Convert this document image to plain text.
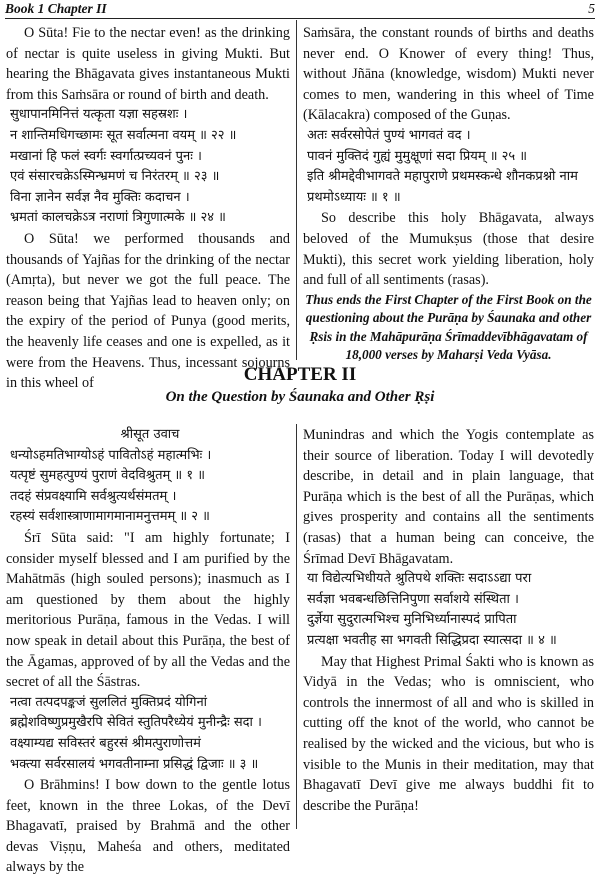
Book 1 Chapter II	5

O Sūta! Fie to the nectar even! as the drinking of nectar is quite useless in giving Mukti. But hearing the Bhāgavata gives instantaneous Mukti from this Saṁsāra or round of birth and death.

सुधापानमिनित्तं यत्कृता यज्ञा सहस्रशः ।

न शान्तिमधिगच्छामः सूत सर्वात्मना वयम् ॥ २२ ॥

मखानां हि फलं स्वर्गः स्वर्गात्प्रच्यवनं पुनः ।

एवं संसारचक्रेऽस्मिन्भ्रमणं च निरंतरम् ॥ २३ ॥

विना ज्ञानेन सर्वज्ञ नैव मुक्तिः कदाचन ।

भ्रमतां कालचक्रेऽत्र नराणां त्रिगुणात्मके ॥ २४ ॥

O Sūta! we performed thousands and thousands of Yajñas for the drinking of the nectar (Amṛta), but never we got the full peace. The reason being that Yajñas lead to heaven only; on the expiry of the period of Punya (good merits, the heavenly life ceases and one is expelled, as it were from the Heavens. Thus, incessant sojourns in this wheel of

Saṁsāra, the constant rounds of births and deaths never end. O Knower of every thing! Thus, without Jñāna (knowledge, wisdom) Mukti never comes to men, wandering in this wheel of Time (Kālacakra) composed of the Guṇas.

अतः सर्वरसोपेतं पुण्यं भागवतं वद ।

पावनं मुक्तिदं गुह्यं मुमुक्षूणां सदा प्रियम् ॥ २५ ॥

इति श्रीमद्देवीभागवते महापुराणे प्रथमस्कन्धे शौनकप्रश्नो नाम प्रथमोऽध्यायः ॥ १ ॥

So describe this holy Bhāgavata, always beloved of the Mumukṣus (those that desire Mukti), this secret work yielding liberation, holy and full of all sentiments (rasas).

Thus ends the First Chapter of the First Book on the questioning about the Purāṇa by Śaunaka and other Ṛsis in the Mahāpurāṇa Śrīmaddevībhāgavatam of 18,000 verses by Maharṣi Veda Vyāsa.

CHAPTER II
On the Question by Śaunaka and Other Ṛṣi

श्रीसूत उवाच

धन्योऽहमतिभाग्योऽहं पावितोऽहं महात्मभिः ।

यत्पृष्टं सुमहत्पुण्यं पुराणं वेदविश्रुतम् ॥ १ ॥

तदहं संप्रवक्ष्यामि सर्वश्रुत्यर्थसंमतम् ।

रहस्यं सर्वशास्त्राणामागमानामनुत्तमम् ॥ २ ॥

Śrī Sūta said: "I am highly fortunate; I consider myself blessed and I am purified by the Mahātmās (high souled persons); inasmuch as I am questioned by them about the highly meritorious Purāṇa, famous in the Vedas. I will now speak in detail about this Purāṇa, the best of the Āgamas, approved of by all the Vedas and the secret of all the Śāstras.

नत्वा तत्पदपङ्कजं सुललितं मुक्तिप्रदं योगिनां

ब्रह्मेशविष्णुप्रमुखैरपि सेवितं स्तुतिपरैध्येयं मुनीन्द्रैः सदा ।

वक्ष्याम्यद्य सविस्तरं बहुरसं श्रीमत्पुराणोत्तमं

भक्त्या सर्वरसालयं भगवतीनाम्ना प्रसिद्धं द्विजाः ॥ ३ ॥

O Brāhmins! I bow down to the gentle lotus feet, known in the three Lokas, of the Devī Bhagavatī, praised by Brahmā and the other devas Viṣṇu, Maheśa and others, meditated always by the

Munindras and which the Yogis contemplate as their source of liberation. Today I will devotedly describe, in detail and in plain language, that Purāṇa which is the best of all the Purāṇas, which gives prosperity and contains all the sentiments (rasas) that a human being can conceive, the Śrīmad Devī Bhāgavatam.

या विद्येत्यभिधीयते श्रुतिपथे शक्तिः सदाऽऽद्या परा

सर्वज्ञा भवबन्धछित्तिनिपुणा सर्वाशये संस्थिता ।

दुर्ज्ञेया सुदुरात्मभिश्च मुनिभिर्ध्यानास्पदं प्रापिता

प्रत्यक्षा भवतीह सा भगवती सिद्धिप्रदा स्यात्सदा ॥ ४ ॥

May that Highest Primal Śakti who is known as Vidyā in the Vedas; who is omniscient, who controls the innermost of all and who is skilled in cutting off the knot of the world, who cannot be realised by the wicked and the vicious, but who is visible to the Munis in their meditation, may that Bhagavatī Devī give me always buddhi fit to describe the Purāṇa!
